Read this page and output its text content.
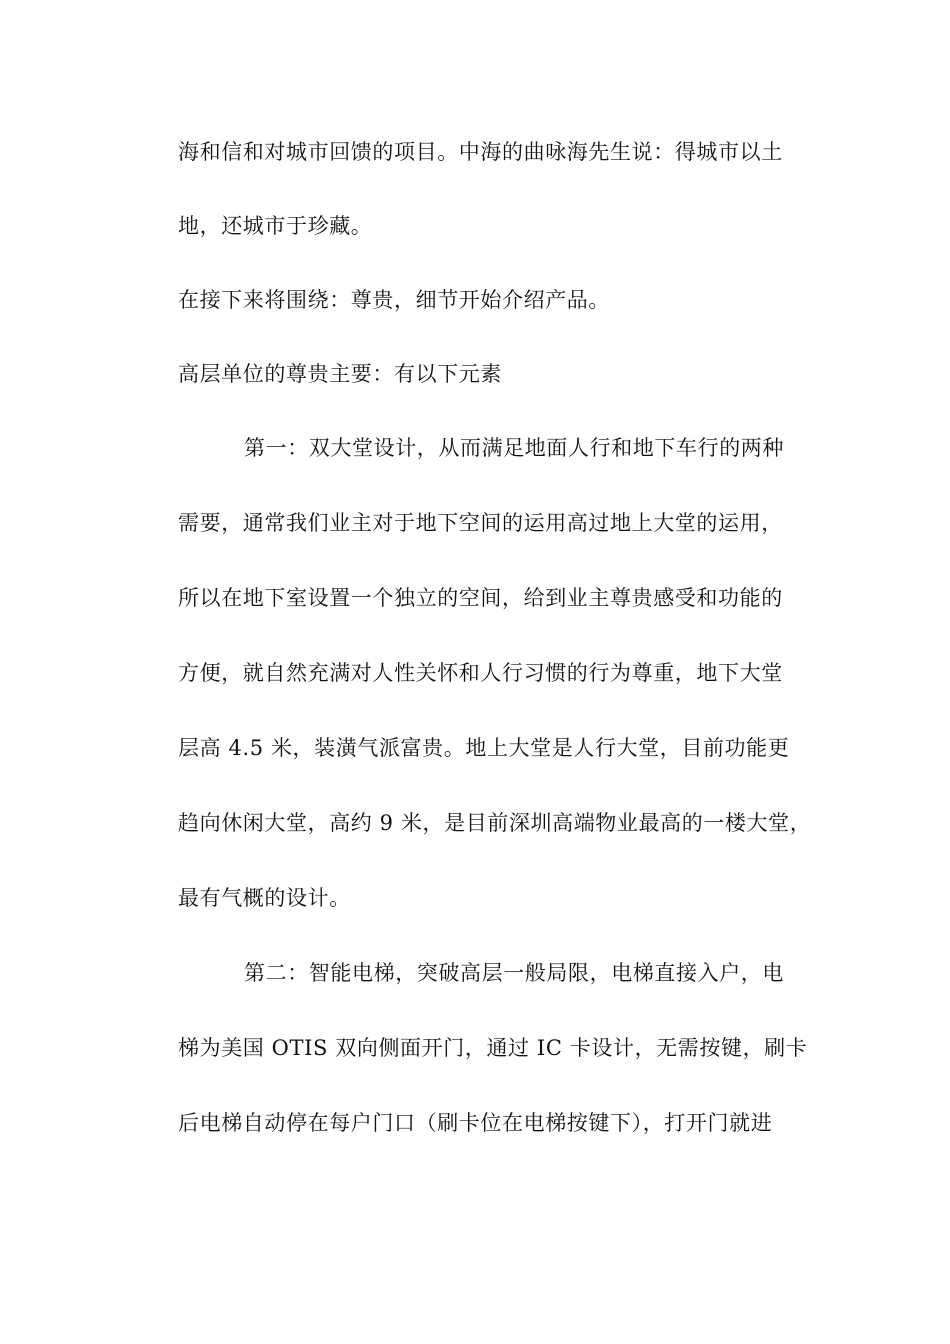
海和信和对城市回馈的项目。中海的曲咏海先生说：得城市以土
地，还城市于珍藏。
在接下来将围绕：尊贵，细节开始介绍产品。
高层单位的尊贵主要：有以下元素
第一：双大堂设计，从而满足地面人行和地下车行的两种
需要，通常我们业主对于地下空间的运用高过地上大堂的运用，
所以在地下室设置一个独立的空间，给到业主尊贵感受和功能的
方便，就自然充满对人性关怀和人行习惯的行为尊重，地下大堂
层高 4.5 米，装潢气派富贵。地上大堂是人行大堂，目前功能更
趋向休闲大堂，高约 9 米，是目前深圳高端物业最高的一楼大堂，
最有气概的设计。
第二：智能电梯，突破高层一般局限，电梯直接入户，电
梯为美国 OTIS 双向侧面开门，通过 IC 卡设计，无需按键，刷卡
后电梯自动停在每户门口（刷卡位在电梯按键下），打开门就进
